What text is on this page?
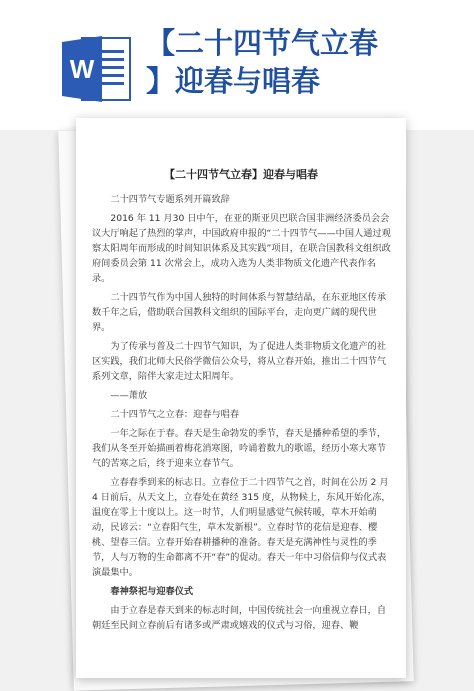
W
【二十四节气立春
】迎春与唱春
【二十四节气立春】迎春与唱春

二十四节气专题系列开篇致辞

2016 年 11 月30 日中午，在亚的斯亚贝巴联合国非洲经济委员会会议大厅响起了热烈的掌声，中国政府申报的“二十四节气——中国人通过观察太阳周年而形成的时间知识体系及其实践”项目，在联合国教科文组织政府间委员会第 11 次常会上，成功入选为人类非物质文化遗产代表作名录。

二十四节气作为中国人独特的时间体系与智慧结晶，在东亚地区传承数千年之后，借助联合国教科文组织的国际平台，走向更广阔的现代世界。

为了传承与普及二十四节气知识，为了促进人类非物质文化遗产的社区实践，我们北师大民俗学微信公众号，将从立春开始，推出二十四节气系列文章，陪伴大家走过太阳周年。

——萧放

二十四节气之立春：迎春与唱春

一年之际在于春。春天是生命勃发的季节，春天是播种希望的季节，我们从冬至开始描画着梅花消寒图，吟诵着数九的歌谣，经历小寒大寒节气的苦寒之后，终于迎来立春节气。

立春春季到来的标志日。立春位于二十四节气之首，时间在公历 2 月 4 日前后，从天文上，立春处在黄经 315 度，从物候上，东风开始化冻，温度在零上十度以上。这一时节，人们明显感觉气候转暖，草木开始萌动，民谚云：“立春阳气生，草木发新根”。立春时节的花信是迎春、樱桃、望春三信。立春开始春耕播种的准备。春天是充满神性与灵性的季节，人与万物的生命都离不开“春”的促动。春天一年中习俗信仰与仪式表演最集中。

春神祭祀与迎春仪式

由于立春是春天到来的标志时间，中国传统社会一向重视立春日，自朝廷至民间立春前后有诸多或严肃或嬉戏的仪式与习俗，迎春、鞭
